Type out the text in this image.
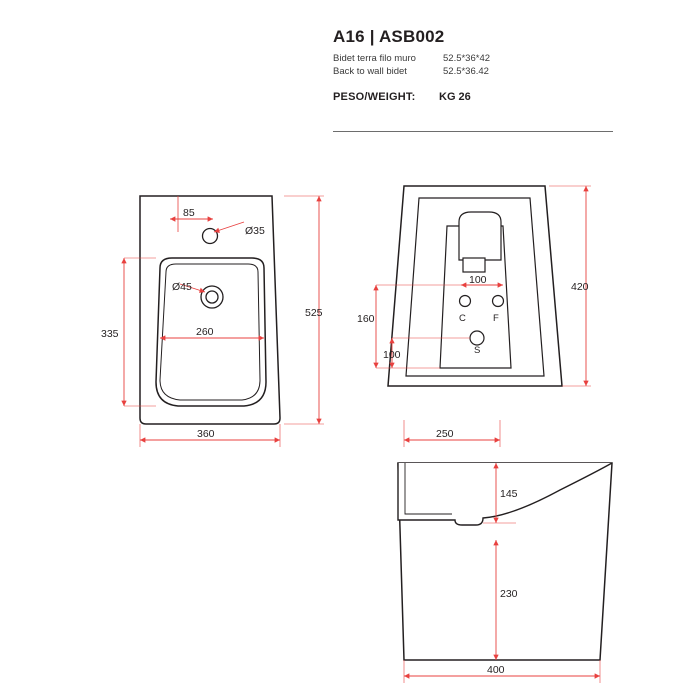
A16 | ASB002
Bidet terra filo muro	52.5*36*42
Back to wall bidet	52.5*36.42
PESO/WEIGHT:	KG 26
85
Ø35
Ø45
260
335
360
525	C	F
S
100
160
100
250
420
145
230
400
